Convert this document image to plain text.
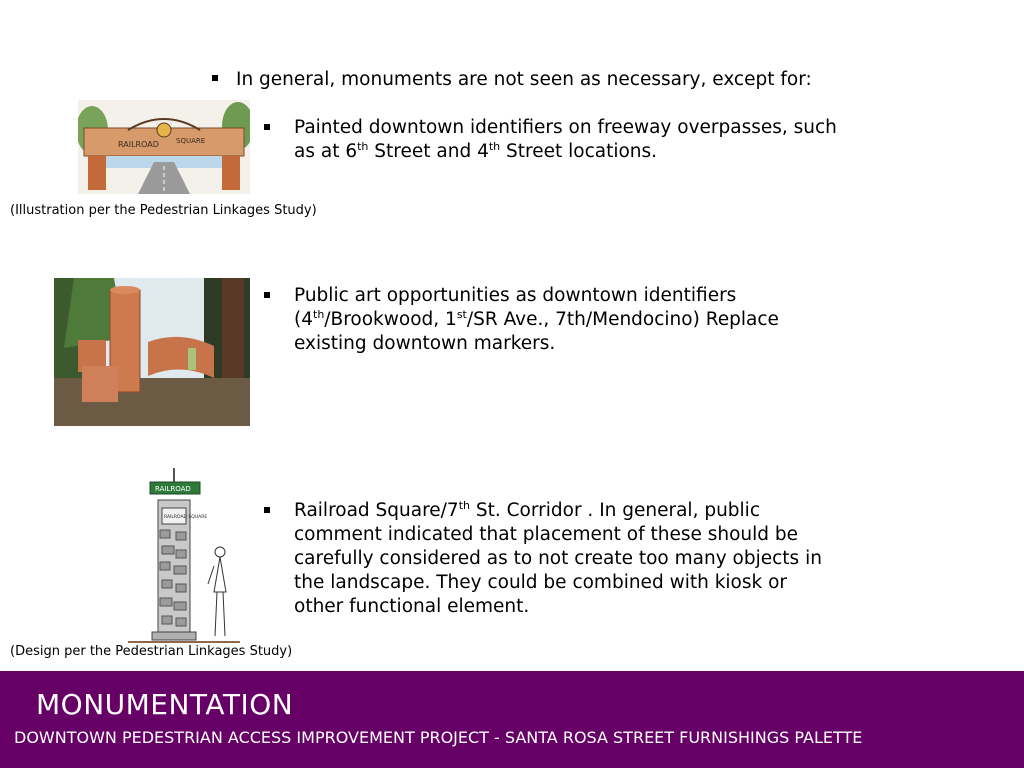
In general, monuments are not seen as necessary, except for:
RAILROAD SQUARE
Painted downtown identifiers on freeway overpasses, such
as at 6th Street and 4th Street locations.
(Illustration per the Pedestrian Linkages Study)
Public art opportunities as downtown identifiers
(4th/Brookwood, 1st/SR Ave., 7th/Mendocino) Replace
existing downtown markers.
RAILROAD
RAILROAD SQUARE	Railroad Square/7th St. Corridor . In general, public
comment indicated that placement of these should be
carefully considered as to not create too many objects in
the landscape. They could be combined with kiosk or
other functional element.
(Design per the Pedestrian Linkages Study)
MONUMENTATION
DOWNTOWN PEDESTRIAN ACCESS IMPROVEMENT PROJECT - SANTA ROSA STREET FURNISHINGS PALETTE
